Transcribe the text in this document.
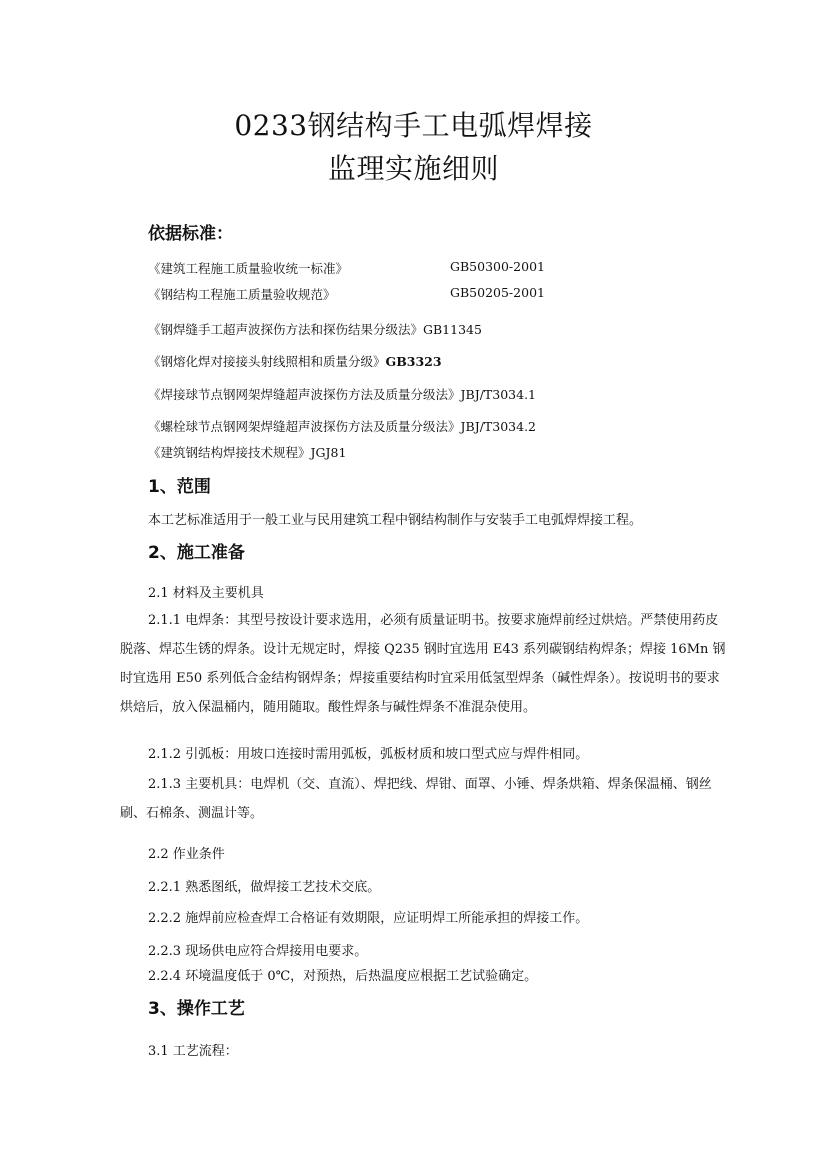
0233钢结构手工电弧焊焊接
监理实施细则
依据标准：
《建筑工程施工质量验收统一标准》	GB50300-2001
《钢结构工程施工质量验收规范》	GB50205-2001
《钢焊缝手工超声波探伤方法和探伤结果分级法》GB11345
《钢熔化焊对接接头射线照相和质量分级》GB3323
《焊接球节点钢网架焊缝超声波探伤方法及质量分级法》JBJ/T3034.1
《螺栓球节点钢网架焊缝超声波探伤方法及质量分级法》JBJ/T3034.2
《建筑钢结构焊接技术规程》JGJ81
1、范围
本工艺标准适用于一般工业与民用建筑工程中钢结构制作与安装手工电弧焊焊接工程。
2、施工准备
2.1 材料及主要机具
2.1.1 电焊条：其型号按设计要求选用，必须有质量证明书。按要求施焊前经过烘焙。严禁使用药皮脱落、焊芯生锈的焊条。设计无规定时，焊接 Q235 钢时宜选用 E43 系列碳钢结构焊条；焊接 16Mn 钢时宜选用 E50 系列低合金结构钢焊条；焊接重要结构时宜采用低氢型焊条（碱性焊条）。按说明书的要求烘焙后，放入保温桶内，随用随取。酸性焊条与碱性焊条不准混杂使用。
2.1.2 引弧板：用坡口连接时需用弧板，弧板材质和坡口型式应与焊件相同。
2.1.3 主要机具：电焊机（交、直流）、焊把线、焊钳、面罩、小锤、焊条烘箱、焊条保温桶、钢丝刷、石棉条、测温计等。
2.2 作业条件
2.2.1 熟悉图纸，做焊接工艺技术交底。
2.2.2 施焊前应检查焊工合格证有效期限，应证明焊工所能承担的焊接工作。
2.2.3 现场供电应符合焊接用电要求。
2.2.4 环境温度低于 0℃，对预热，后热温度应根据工艺试验确定。
3、操作工艺
3.1 工艺流程：
